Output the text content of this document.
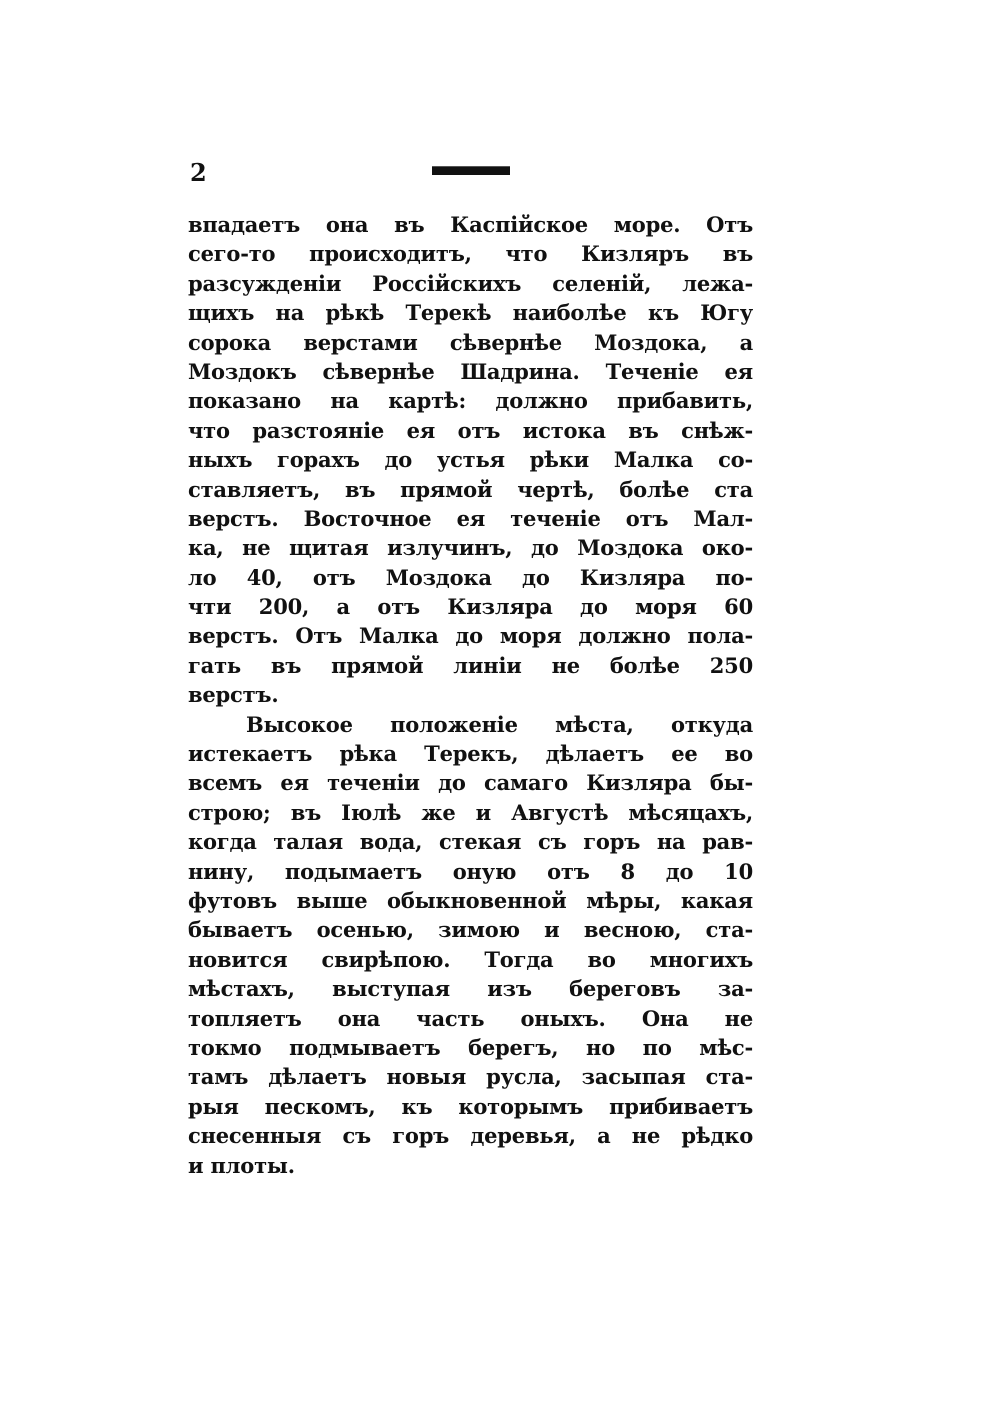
2
впадаетъ она въ Каспійское море. Отъ
сего-то происходитъ, что Кизляръ въ
разсужденіи Россійскихъ селеній, лежа-
щихъ на рѣкѣ Терекѣ наиболѣе къ Югу
сорока верстами сѣвернѣе Моздока, а
Моздокъ сѣвернѣе Шадрина. Теченіе ея
показано на картѣ: должно прибавить,
что разстояніе ея отъ истока въ снѣж-
ныхъ горахъ до устья рѣки Малка со-
ставляетъ, въ прямой чертѣ, болѣе ста
верстъ. Восточное ея теченіе отъ Мал-
ка, не щитая излучинъ, до Моздока око-
ло 40, отъ Моздока до Кизляра по-
чти 200, а отъ Кизляра до моря 60
верстъ. Отъ Малка до моря должно пола-
гать въ прямой линіи не болѣе 250
верстъ.
Высокое положеніе мѣста, откуда
истекаетъ рѣка Терекъ, дѣлаетъ ее во
всемъ ея теченіи до самаго Кизляра бы-
строю; въ Іюлѣ же и Августѣ мѣсяцахъ,
когда талая вода, стекая съ горъ на рав-
нину, подымаетъ оную отъ 8 до 10
футовъ выше обыкновенной мѣры, какая
бываетъ осенью, зимою и весною, ста-
новится свирѣпою. Тогда во многихъ
мѣстахъ, выступая изъ береговъ за-
топляетъ она часть оныхъ. Она не
токмо подмываетъ берегъ, но по мѣс-
тамъ дѣлаетъ новыя русла, засыпая ста-
рыя пескомъ, къ которымъ прибиваетъ
снесенныя съ горъ деревья, а не рѣдко
и плоты.
